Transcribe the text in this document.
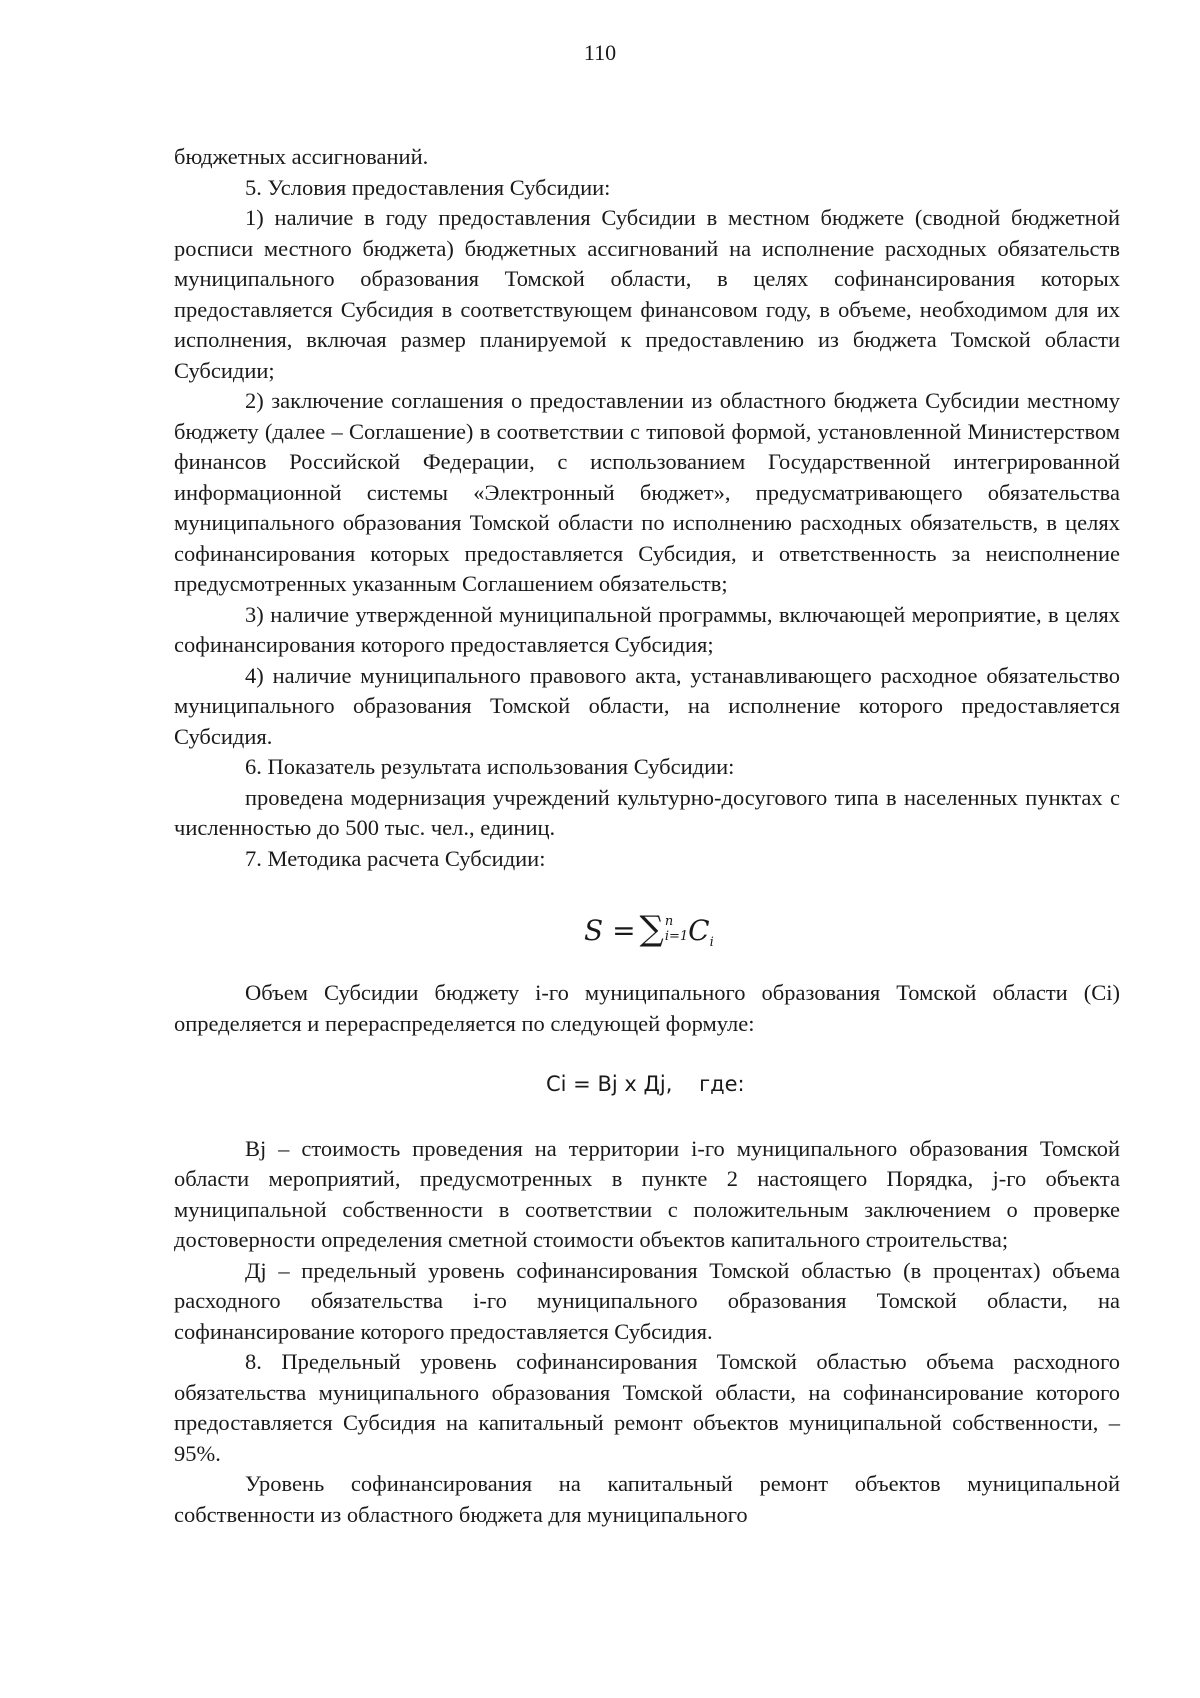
110

бюджетных ассигнований.

5. Условия предоставления Субсидии:

1) наличие в году предоставления Субсидии в местном бюджете (сводной бюджетной росписи местного бюджета) бюджетных ассигнований на исполнение расходных обязательств муниципального образования Томской области, в целях софинансирования которых предоставляется Субсидия в соответствующем финансовом году, в объеме, необходимом для их исполнения, включая размер планируемой к предоставлению из бюджета Томской области Субсидии;

2) заключение соглашения о предоставлении из областного бюджета Субсидии местному бюджету (далее – Соглашение) в соответствии с типовой формой, установленной Министерством финансов Российской Федерации, с использованием Государственной интегрированной информационной системы «Электронный бюджет», предусматривающего обязательства муниципального образования Томской области по исполнению расходных обязательств, в целях софинансирования которых предоставляется Субсидия, и ответственность за неисполнение предусмотренных указанным Соглашением обязательств;

3) наличие утвержденной муниципальной программы, включающей мероприятие, в целях софинансирования которого предоставляется Субсидия;

4) наличие муниципального правового акта, устанавливающего расходное обязательство муниципального образования Томской области, на исполнение которого предоставляется Субсидия.

6. Показатель результата использования Субсидии:

проведена модернизация учреждений культурно-досугового типа в населенных пунктах с численностью до 500 тыс. чел., единиц.

7. Методика расчета Субсидии:

S = ∑ n
i=1 $C_i$

Объем Субсидии бюджету i-го муниципального образования Томской области (Ci) определяется и перераспределяется по следующей формуле:

Ci = Вj x Дj,    где:

Вj – стоимость проведения на территории i-го муниципального образования Томской области мероприятий, предусмотренных в пункте 2 настоящего Порядка, j-го объекта муниципальной собственности в соответствии с положительным заключением о проверке достоверности определения сметной стоимости объектов капитального строительства;

Дj – предельный уровень софинансирования Томской областью (в процентах) объема расходного обязательства i-го муниципального образования Томской области, на софинансирование которого предоставляется Субсидия.

8. Предельный уровень софинансирования Томской областью объема расходного обязательства муниципального образования Томской области, на софинансирование которого предоставляется Субсидия на капитальный ремонт объектов муниципальной собственности, – 95%.

Уровень софинансирования на капитальный ремонт объектов муниципальной собственности из областного бюджета для муниципального
